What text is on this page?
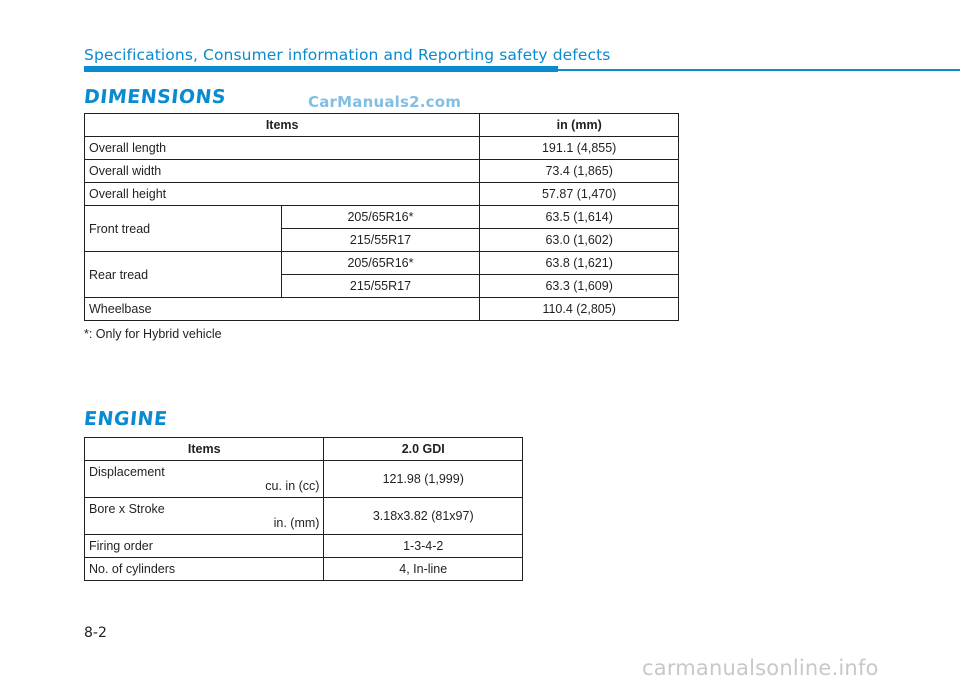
Specifications, Consumer information and Reporting safety defects
DIMENSIONS	CarManuals2.com
Items		in (mm)
Overall length		191.1 (4,855)
Overall width		73.4 (1,865)
Overall height		57.87 (1,470)
Front tread	205/65R16*	63.5 (1,614)
	215/55R17	63.0 (1,602)
Rear tread	205/65R16*	63.8 (1,621)
	215/55R17	63.3 (1,609)
Wheelbase		110.4 (2,805)
*: Only for Hybrid vehicle
ENGINE
Items	2.0 GDI

Displacement
cu. in (cc)	121.98 (1,999)

Bore x Stroke
in. (mm)	3.18x3.82 (81x97)
Firing order	1-3-4-2
No. of cylinders	4, In-line
8-2
carmanualsonline.info
